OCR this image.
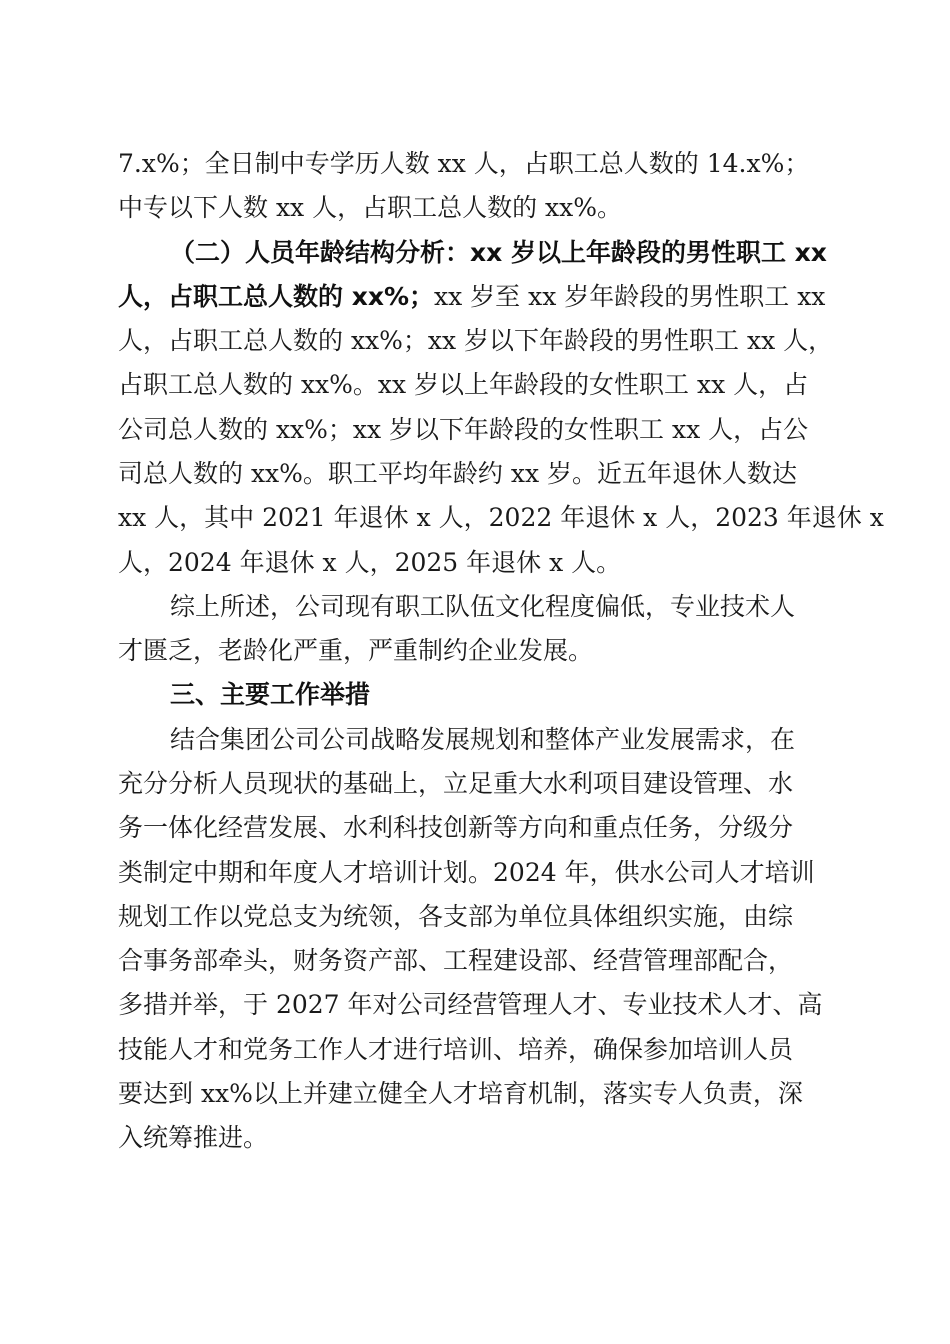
7.x%；全日制中专学历人数 xx 人，占职工总人数的 14.x%；
中专以下人数 xx 人，占职工总人数的 xx%。
（二）人员年龄结构分析：xx 岁以上年龄段的男性职工 xx
人，占职工总人数的 xx%；xx 岁至 xx 岁年龄段的男性职工 xx
人，占职工总人数的 xx%；xx 岁以下年龄段的男性职工 xx 人，
占职工总人数的 xx%。xx 岁以上年龄段的女性职工 xx 人，占
公司总人数的 xx%；xx 岁以下年龄段的女性职工 xx 人，占公
司总人数的 xx%。职工平均年龄约 xx 岁。近五年退休人数达
xx 人，其中 2021 年退休 x 人，2022 年退休 x 人，2023 年退休 x
人，2024 年退休 x 人，2025 年退休 x 人。
综上所述，公司现有职工队伍文化程度偏低，专业技术人
才匮乏，老龄化严重，严重制约企业发展。
三、主要工作举措
结合集团公司公司战略发展规划和整体产业发展需求，在
充分分析人员现状的基础上，立足重大水利项目建设管理、水
务一体化经营发展、水利科技创新等方向和重点任务，分级分
类制定中期和年度人才培训计划。2024 年，供水公司人才培训
规划工作以党总支为统领，各支部为单位具体组织实施，由综
合事务部牵头，财务资产部、工程建设部、经营管理部配合，
多措并举，于 2027 年对公司经营管理人才、专业技术人才、高
技能人才和党务工作人才进行培训、培养，确保参加培训人员
要达到 xx%以上并建立健全人才培育机制，落实专人负责，深
入统筹推进。
